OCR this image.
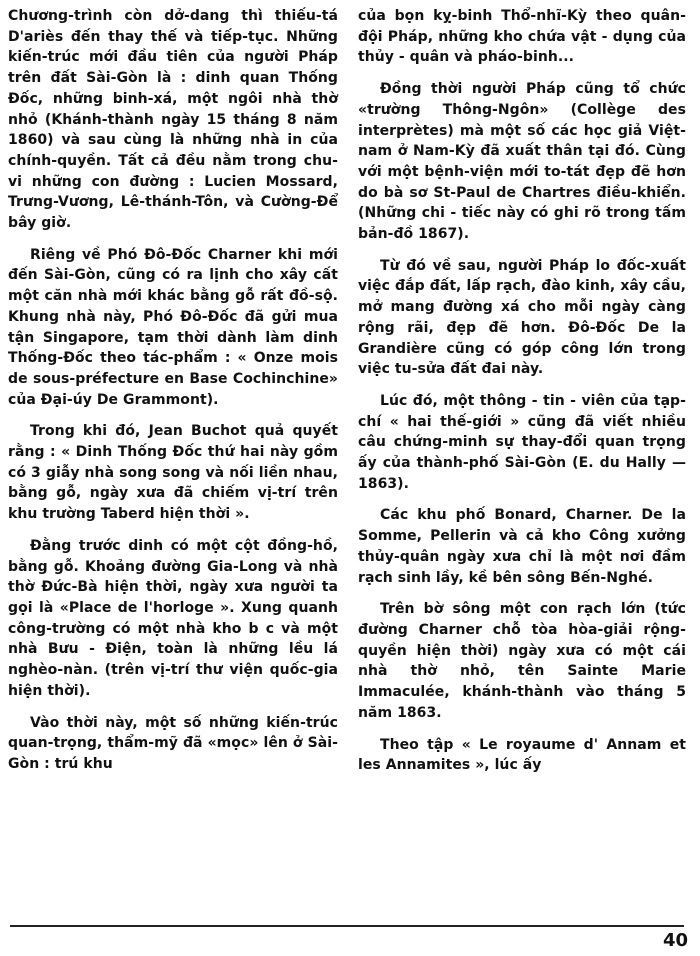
Chương-trình còn dở-dang thì thiếu-tá D'ariès đến thay thế và tiếp-tục. Những kiến-trúc mới đầu tiên của người Pháp trên đất Sài-Gòn là : dinh quan Thống Đốc, những binh-xá, một ngôi nhà thờ nhỏ (Khánh-thành ngày 15 tháng 8 năm 1860) và sau cùng là những nhà in của chính-quyền. Tất cả đều nằm trong chu-vi những con đường : Lucien Mossard, Trưng-Vương, Lê-thánh-Tôn, và Cường-Để bây giờ.

Riêng về Phó Đô-Đốc Charner khi mới đến Sài-Gòn, cũng có ra lịnh cho xây cất một căn nhà mới khác bằng gỗ rất đồ-sộ. Khung nhà này, Phó Đô-Đốc đã gửi mua tận Singapore, tạm thời dành làm dinh Thống-Đốc theo tác-phẩm : « Onze mois de sous-préfecture en Base Cochinchine» của Đại-úy De Grammont).

Trong khi đó, Jean Buchot quả quyết rằng : « Dinh Thống Đốc thứ hai này gồm có 3 giẫy nhà song song và nối liền nhau, bằng gỗ, ngày xưa đã chiếm vị-trí trên khu trường Taberd hiện thời ».

Đằng trước dinh có một cột đồng-hồ, bằng gỗ. Khoảng đường Gia-Long và nhà thờ Đức-Bà hiện thời, ngày xưa người ta gọi là «Place de l'horloge ». Xung quanh công-trường có một nhà kho b c và một nhà Bưu - Điện, toàn là những lều lá nghèo-nàn. (trên vị-trí thư viện quốc-gia hiện thời).

Vào thời này, một số những kiến-trúc quan-trọng, thẩm-mỹ đã «mọc» lên ở Sài-Gòn : trú khu

của bọn kỵ-binh Thổ-nhĩ-Kỳ theo quân-đội Pháp, những kho chứa vật - dụng của thủy - quân và pháo-binh...

Đồng thời người Pháp cũng tổ chức «trường Thông-Ngôn» (Collège des interprètes) mà một số các học giả Việt-nam ở Nam-Kỳ đã xuất thân tại đó. Cùng với một bệnh-viện mới to-tát đẹp đẽ hơn do bà sơ St-Paul de Chartres điều-khiển. (Những chi - tiếc này có ghi rõ trong tấm bản-đồ 1867).

Từ đó về sau, người Pháp lo đốc-xuất việc đắp đất, lấp rạch, đào kinh, xây cầu, mở mang đường xá cho mỗi ngày càng rộng rãi, đẹp đẽ hơn. Đô-Đốc De la Grandière cũng có góp công lớn trong việc tu-sửa đất đai này.

Lúc đó, một thông - tin - viên của tạp-chí « hai thế-giới » cũng đã viết nhiều câu chứng-minh sự thay-đổi quan trọng ấy của thành-phố Sài-Gòn (E. du Hally — 1863).

Các khu phố Bonard, Charner. De la Somme, Pellerin và cả kho Công xưởng thủy-quân ngày xưa chỉ là một nơi đầm rạch sinh lầy, kề bên sông Bến-Nghé.

Trên bờ sông một con rạch lớn (tức đường Charner chỗ tòa hòa-giải rộng-quyền hiện thời) ngày xưa có một cái nhà thờ nhỏ, tên Sainte Marie Immaculée, khánh-thành vào tháng 5 năm 1863.

Theo tập « Le royaume d' Annam et les Annamites », lúc ấy

40
